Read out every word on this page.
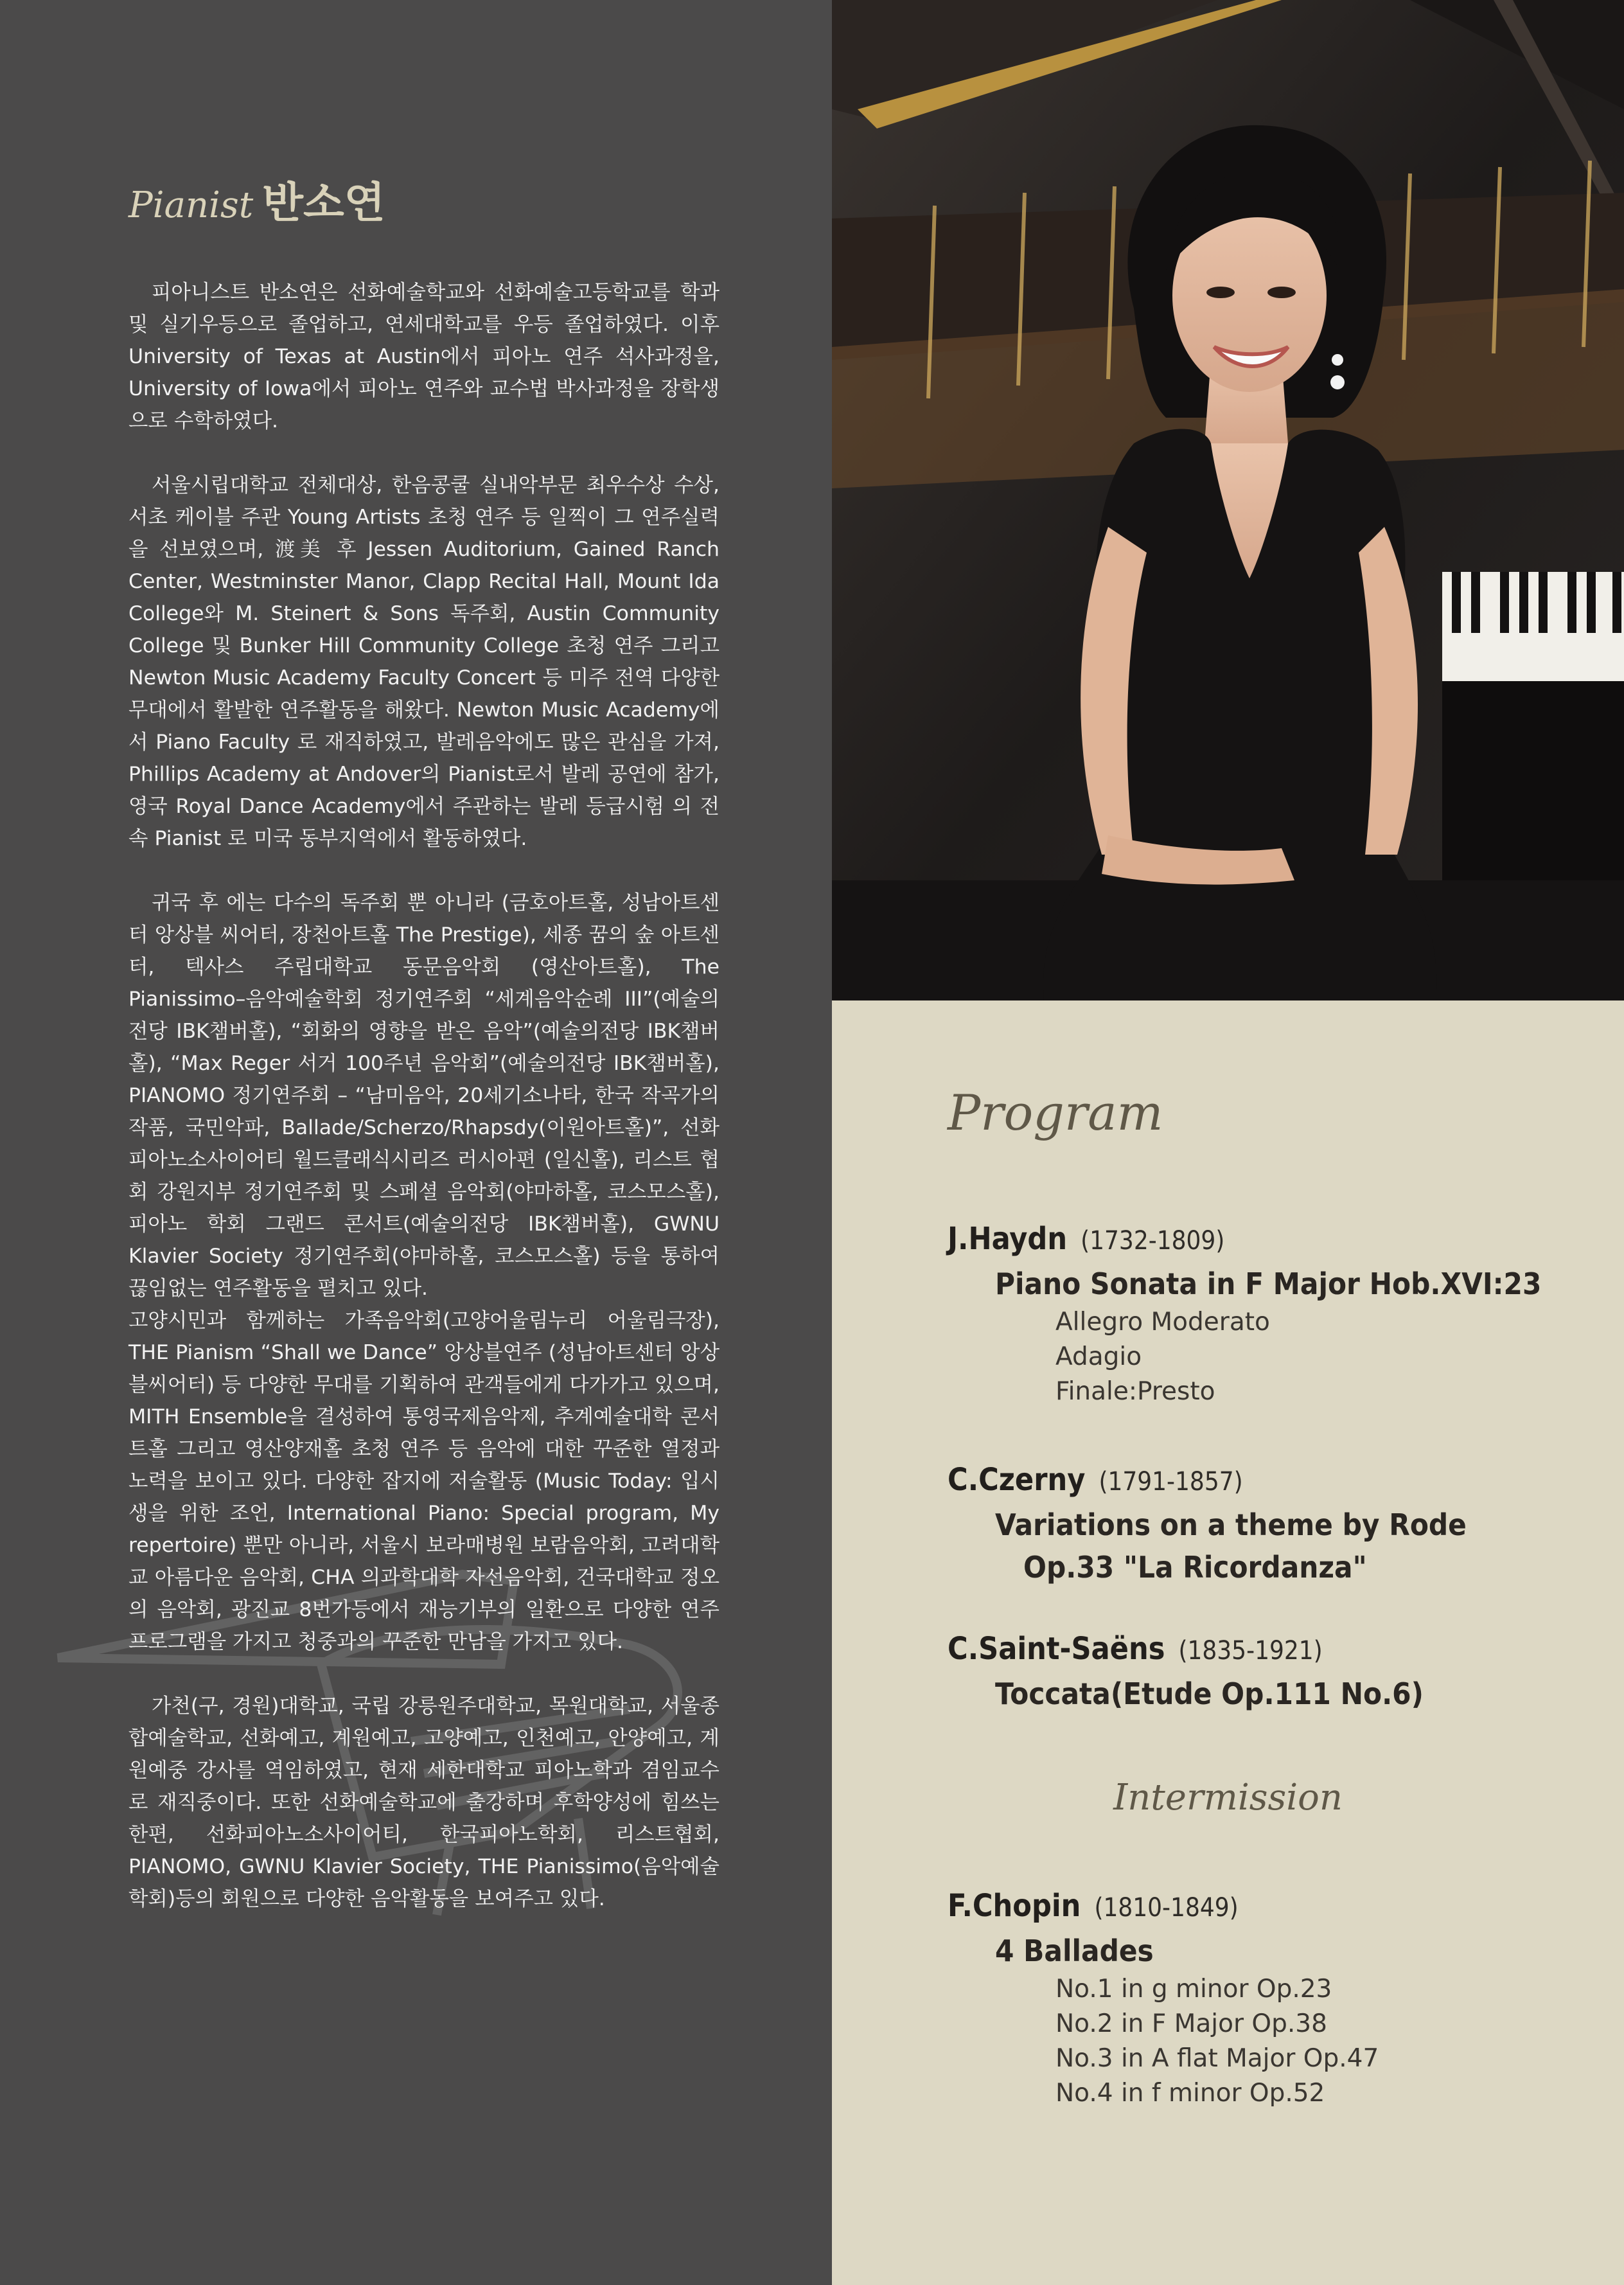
Pianist 반소연

피아니스트 반소연은 선화예술학교와 선화예술고등학교를 학과 및 실기우등으로 졸업하고, 연세대학교를 우등 졸업하였다. 이후 University of Texas at Austin에서 피아노 연주 석사과정을, University of Iowa에서 피아노 연주와 교수법 박사과정을 장학생으로 수학하였다.

서울시립대학교 전체대상, 한음콩쿨 실내악부문 최우수상 수상, 서초 케이블 주관 Young Artists 초청 연주 등 일찍이 그 연주실력을 선보였으며, 渡美 후 Jessen Auditorium, Gained Ranch Center, Westminster Manor, Clapp Recital Hall, Mount Ida College와 M. Steinert & Sons 독주회, Austin Community College 및 Bunker Hill Community College 초청 연주 그리고 Newton Music Academy Faculty Concert 등 미주 전역 다양한 무대에서 활발한 연주활동을 해왔다. Newton Music Academy에서 Piano Faculty 로 재직하였고, 발레음악에도 많은 관심을 가져, Phillips Academy at Andover의 Pianist로서 발레 공연에 참가, 영국 Royal Dance Academy에서 주관하는 발레 등급시험 의 전속 Pianist 로 미국 동부지역에서 활동하였다.

귀국 후 에는 다수의 독주회 뿐 아니라 (금호아트홀, 성남아트센터 앙상블 씨어터, 장천아트홀 The Prestige), 세종 꿈의 숲 아트센터, 텍사스 주립대학교 동문음악회 (영산아트홀), The Pianissimo–음악예술학회 정기연주회 “세계음악순례 III”(예술의전당 IBK챔버홀), “회화의 영향을 받은 음악”(예술의전당 IBK챔버홀), “Max Reger 서거 100주년 음악회”(예술의전당 IBK챔버홀), PIANOMO 정기연주회 – “남미음악, 20세기소나타, 한국 작곡가의 작품, 국민악파, Ballade/Scherzo/Rhapsdy(이원아트홀)”, 선화피아노소사이어티 월드클래식시리즈 러시아편 (일신홀), 리스트 협회 강원지부 정기연주회 및 스페셜 음악회(야마하홀, 코스모스홀), 피아노 학회 그랜드 콘서트(예술의전당 IBK챔버홀), GWNU Klavier Society 정기연주회(야마하홀, 코스모스홀) 등을 통하여 끊임없는 연주활동을 펼치고 있다.

고양시민과 함께하는 가족음악회(고양어울림누리 어울림극장), THE Pianism “Shall we Dance” 앙상블연주 (성남아트센터 앙상블씨어터) 등 다양한 무대를 기획하여 관객들에게 다가가고 있으며, MITH Ensemble을 결성하여 통영국제음악제, 추계예술대학 콘서트홀 그리고 영산양재홀 초청 연주 등 음악에 대한 꾸준한 열정과 노력을 보이고 있다. 다양한 잡지에 저술활동 (Music Today: 입시생을 위한 조언, International Piano: Special program, My repertoire) 뿐만 아니라, 서울시 보라매병원 보람음악회, 고려대학교 아름다운 음악회, CHA 의과학대학 자선음악회, 건국대학교 정오의 음악회, 광진교 8번가등에서 재능기부의 일환으로 다양한 연주 프로그램을 가지고 청중과의 꾸준한 만남을 가지고 있다.

가천(구, 경원)대학교, 국립 강릉원주대학교, 목원대학교, 서울종합예술학교, 선화예고, 계원예고, 고양예고, 인천예고, 안양예고, 계원예중 강사를 역임하였고, 현재 세한대학교 피아노학과 겸임교수로 재직중이다. 또한 선화예술학교에 출강하며 후학양성에 힘쓰는 한편, 선화피아노소사이어티, 한국피아노학회, 리스트협회, PIANOMO, GWNU Klavier Society, THE Pianissimo(음악예술학회)등의 회원으로 다양한 음악활동을 보여주고 있다.

Program
J.Haydn (1732-1809)
Piano Sonata in F Major Hob.XVI:23
Allegro Moderato
Adagio
Finale:Presto
C.Czerny (1791-1857)
Variations on a theme by Rode
Op.33 "La Ricordanza"
C.Saint-Saëns (1835-1921)
Toccata(Etude Op.111 No.6)
Intermission
F.Chopin (1810-1849)
4 Ballades
No.1 in g minor Op.23
No.2 in F Major Op.38
No.3 in A flat Major Op.47
No.4 in f minor Op.52
